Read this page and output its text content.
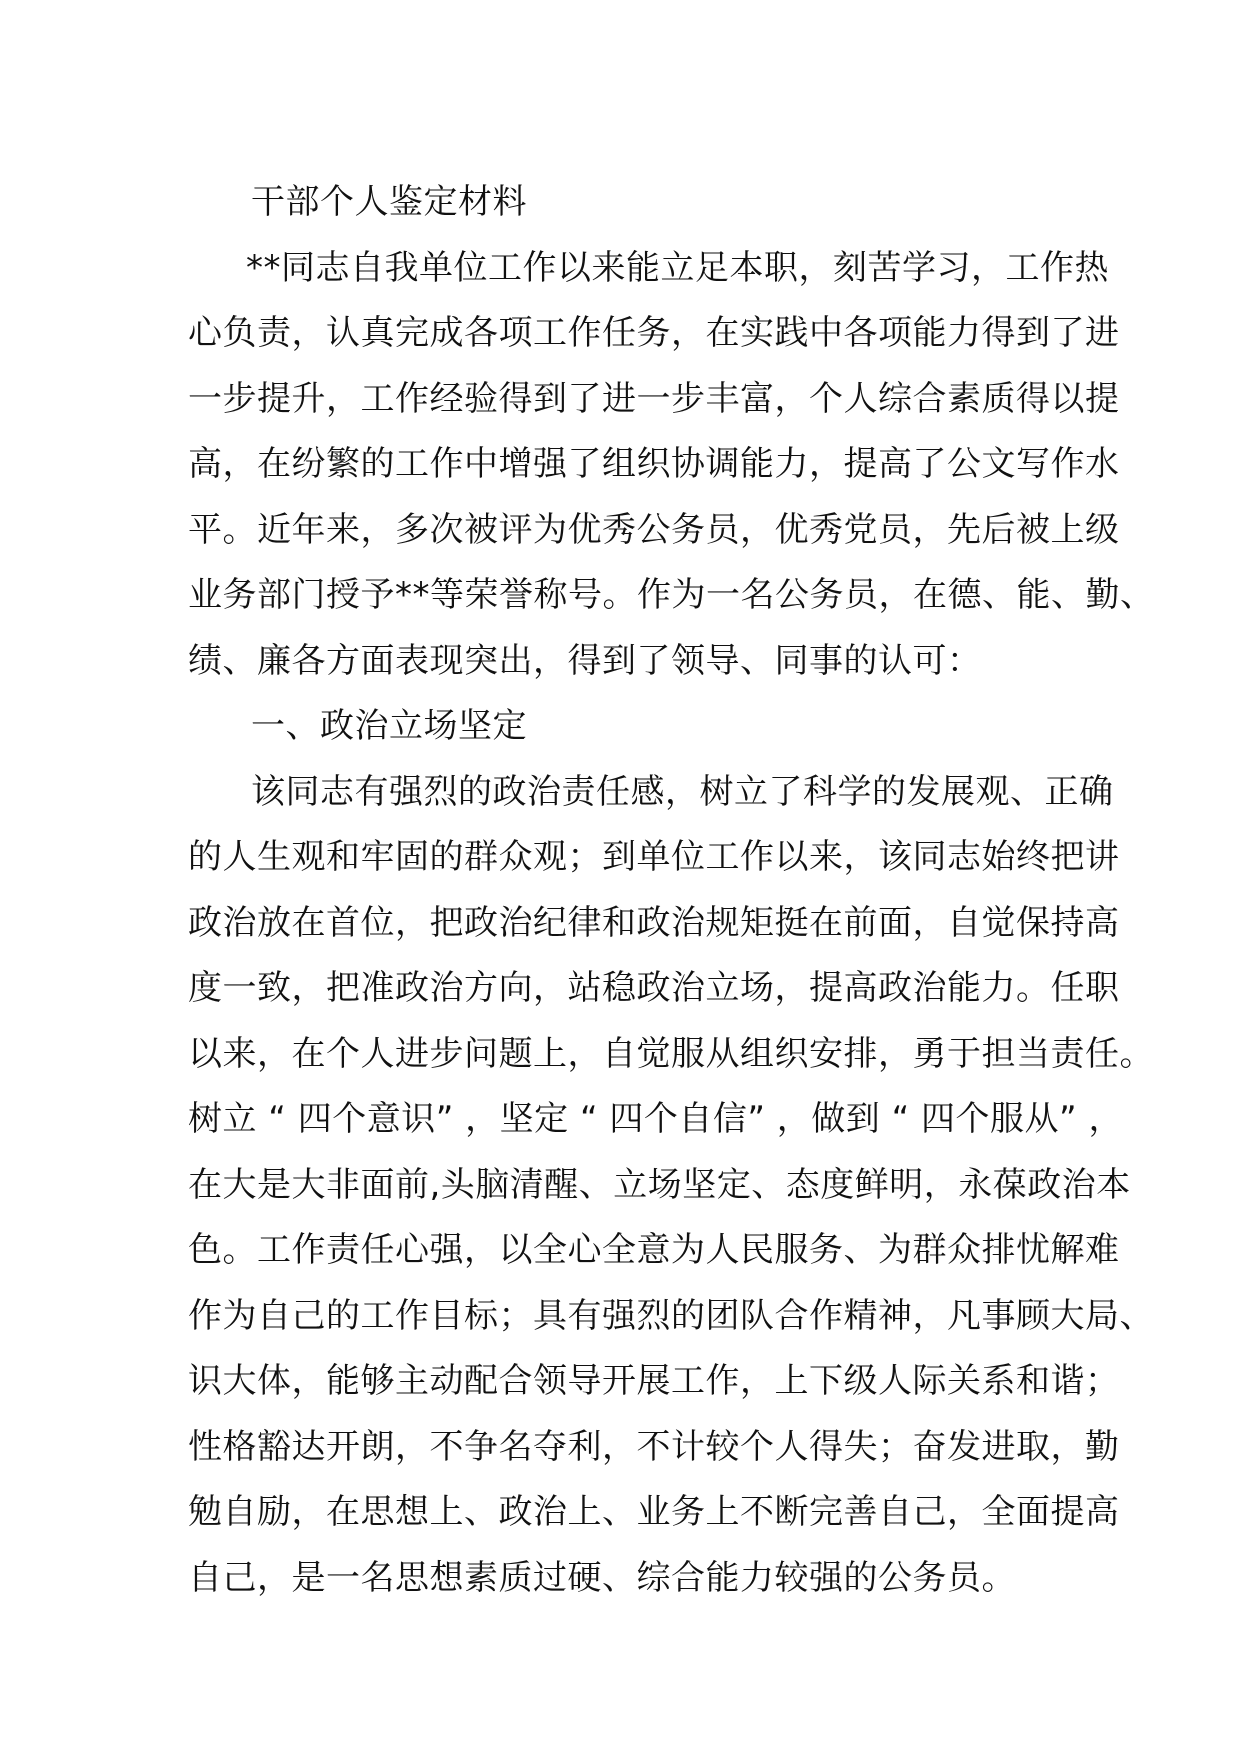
干部个人鉴定材料
**同志自我单位工作以来能立足本职，刻苦学习，工作热
心负责，认真完成各项工作任务，在实践中各项能力得到了进
一步提升，工作经验得到了进一步丰富，个人综合素质得以提
高，在纷繁的工作中增强了组织协调能力，提高了公文写作水
平。近年来，多次被评为优秀公务员，优秀党员，先后被上级
业务部门授予**等荣誉称号。作为一名公务员，在德、能、勤、
绩、廉各方面表现突出，得到了领导、同事的认可：
一、政治立场坚定
该同志有强烈的政治责任感，树立了科学的发展观、正确
的人生观和牢固的群众观；到单位工作以来，该同志始终把讲
政治放在首位，把政治纪律和政治规矩挺在前面，自觉保持高
度一致，把准政治方向，站稳政治立场，提高政治能力。任职
以来，在个人进步问题上，自觉服从组织安排，勇于担当责任。
树立 “ 四个意识” ，坚定 “ 四个自信” ，做到 “ 四个服从” ，
在大是大非面前,头脑清醒、立场坚定、态度鲜明，永葆政治本
色。工作责任心强，以全心全意为人民服务、为群众排忧解难
作为自己的工作目标；具有强烈的团队合作精神，凡事顾大局、
识大体，能够主动配合领导开展工作，上下级人际关系和谐；
性格豁达开朗，不争名夺利，不计较个人得失；奋发进取，勤
勉自励，在思想上、政治上、业务上不断完善自己，全面提高
自己，是一名思想素质过硬、综合能力较强的公务员。
